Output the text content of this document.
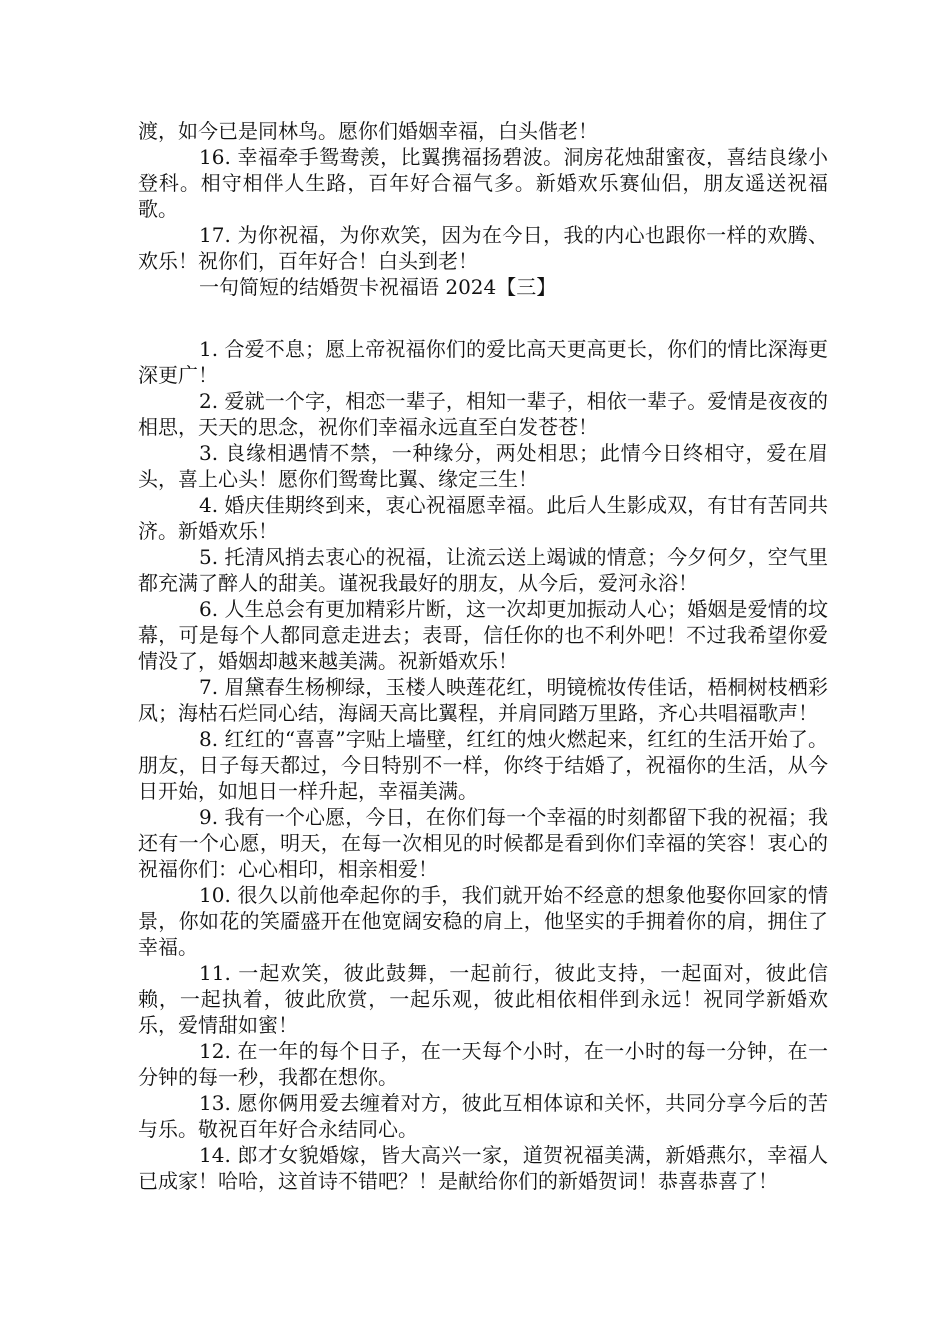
渡，如今已是同林鸟。愿你们婚姻幸福，白头偕老！

16. 幸福牵手鸳鸯羡，比翼携福扬碧波。洞房花烛甜蜜夜，喜结良缘小登科。相守相伴人生路，百年好合福气多。新婚欢乐赛仙侣，朋友遥送祝福歌。

17. 为你祝福，为你欢笑，因为在今日，我的内心也跟你一样的欢腾、欢乐！祝你们，百年好合！白头到老！

一句简短的结婚贺卡祝福语 2024【三】

1. 合爱不息；愿上帝祝福你们的爱比高天更高更长，你们的情比深海更深更广！

2. 爱就一个字，相恋一辈子，相知一辈子，相依一辈子。爱情是夜夜的相思，天天的思念，祝你们幸福永远直至白发苍苍！

3. 良缘相遇情不禁，一种缘分，两处相思；此情今日终相守，爱在眉头，喜上心头！愿你们鸳鸯比翼、缘定三生！

4. 婚庆佳期终到来，衷心祝福愿幸福。此后人生影成双，有甘有苦同共济。新婚欢乐！

5. 托清风捎去衷心的祝福，让流云送上竭诚的情意；今夕何夕，空气里都充满了醉人的甜美。谨祝我最好的朋友，从今后，爱河永浴！

6. 人生总会有更加精彩片断，这一次却更加振动人心；婚姻是爱情的坟幕，可是每个人都同意走进去；表哥，信任你的也不利外吧！不过我希望你爱情没了，婚姻却越来越美满。祝新婚欢乐！

7. 眉黛春生杨柳绿，玉楼人映莲花红，明镜梳妆传佳话，梧桐树枝栖彩凤；海枯石烂同心结，海阔天高比翼程，并肩同踏万里路，齐心共唱福歌声！

8. 红红的“喜喜”字贴上墙壁，红红的烛火燃起来，红红的生活开始了。朋友，日子每天都过，今日特别不一样，你终于结婚了，祝福你的生活，从今日开始，如旭日一样升起，幸福美满。

9. 我有一个心愿，今日，在你们每一个幸福的时刻都留下我的祝福；我还有一个心愿，明天，在每一次相见的时候都是看到你们幸福的笑容！衷心的祝福你们：心心相印，相亲相爱！

10. 很久以前他牵起你的手，我们就开始不经意的想象他娶你回家的情景，你如花的笑靥盛开在他宽阔安稳的肩上，他坚实的手拥着你的肩，拥住了幸福。

11. 一起欢笑，彼此鼓舞，一起前行，彼此支持，一起面对，彼此信赖，一起执着，彼此欣赏，一起乐观，彼此相依相伴到永远！祝同学新婚欢乐，爱情甜如蜜！

12. 在一年的每个日子，在一天每个小时，在一小时的每一分钟，在一分钟的每一秒，我都在想你。

13. 愿你俩用爱去缠着对方，彼此互相体谅和关怀，共同分享今后的苦与乐。敬祝百年好合永结同心。

14. 郎才女貌婚嫁，皆大高兴一家，道贺祝福美满，新婚燕尔，幸福人已成家！哈哈，这首诗不错吧？！是献给你们的新婚贺词！恭喜恭喜了！
